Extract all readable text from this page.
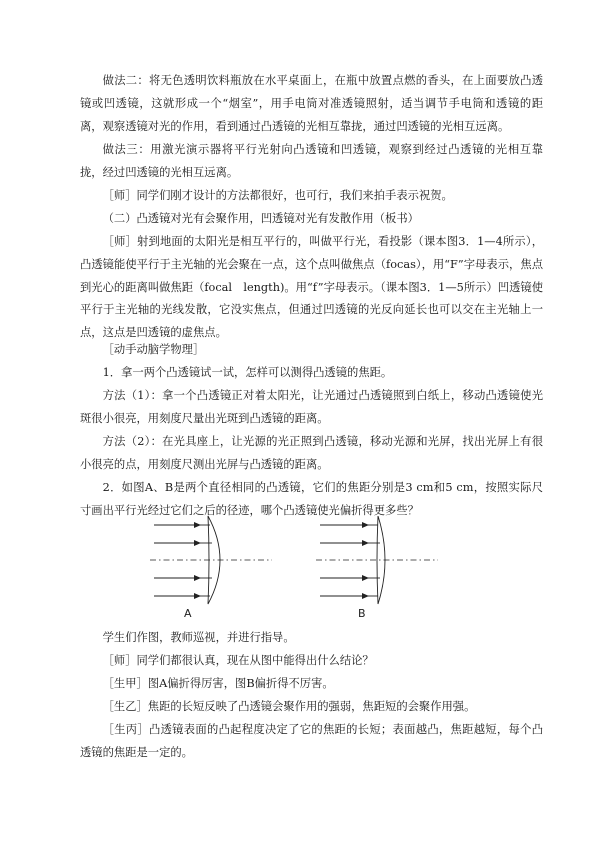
做法二：将无色透明饮料瓶放在水平桌面上，在瓶中放置点燃的香头，在上面要放凸透镜或凹透镜，这就形成一个“烟室”，用手电筒对准透镜照射，适当调节手电筒和透镜的距离，观察透镜对光的作用，看到通过凸透镜的光相互靠拢，通过凹透镜的光相互远离。

做法三：用激光演示器将平行光射向凸透镜和凹透镜，观察到经过凸透镜的光相互靠拢，经过凹透镜的光相互远离。

［师］同学们刚才设计的方法都很好，也可行，我们来拍手表示祝贺。

（二）凸透镜对光有会聚作用，凹透镜对光有发散作用（板书）

［师］射到地面的太阳光是相互平行的，叫做平行光，看投影（课本图3．1—4所示），凸透镜能使平行于主光轴的光会聚在一点，这个点叫做焦点（focas），用“F”字母表示，焦点到光心的距离叫做焦距（focal　length)。用“f”字母表示。（课本图3．1—5所示）凹透镜使平行于主光轴的光线发散，它没实焦点，但通过凹透镜的光反向延长也可以交在主光轴上一点，这点是凹透镜的虚焦点。

［动手动脑学物理］

1．拿一两个凸透镜试一试，怎样可以测得凸透镜的焦距。

方法（1）：拿一个凸透镜正对着太阳光，让光通过凸透镜照到白纸上，移动凸透镜使光斑很小很亮，用刻度尺量出光斑到凸透镜的距离。

方法（2）：在光具座上，让光源的光正照到凸透镜，移动光源和光屏，找出光屏上有很小很亮的点，用刻度尺测出光屏与凸透镜的距离。

2．如图A、B是两个直径相同的凸透镜，它们的焦距分别是3 cm和5 cm，按照实际尺寸画出平行光经过它们之后的径迹，哪个凸透镜使光偏折得更多些？

A	B

学生们作图，教师巡视，并进行指导。

［师］同学们都很认真，现在从图中能得出什么结论？

［生甲］图A偏折得厉害，图B偏折得不厉害。

［生乙］焦距的长短反映了凸透镜会聚作用的强弱，焦距短的会聚作用强。

［生丙］凸透镜表面的凸起程度决定了它的焦距的长短；表面越凸，焦距越短，每个凸透镜的焦距是一定的。
